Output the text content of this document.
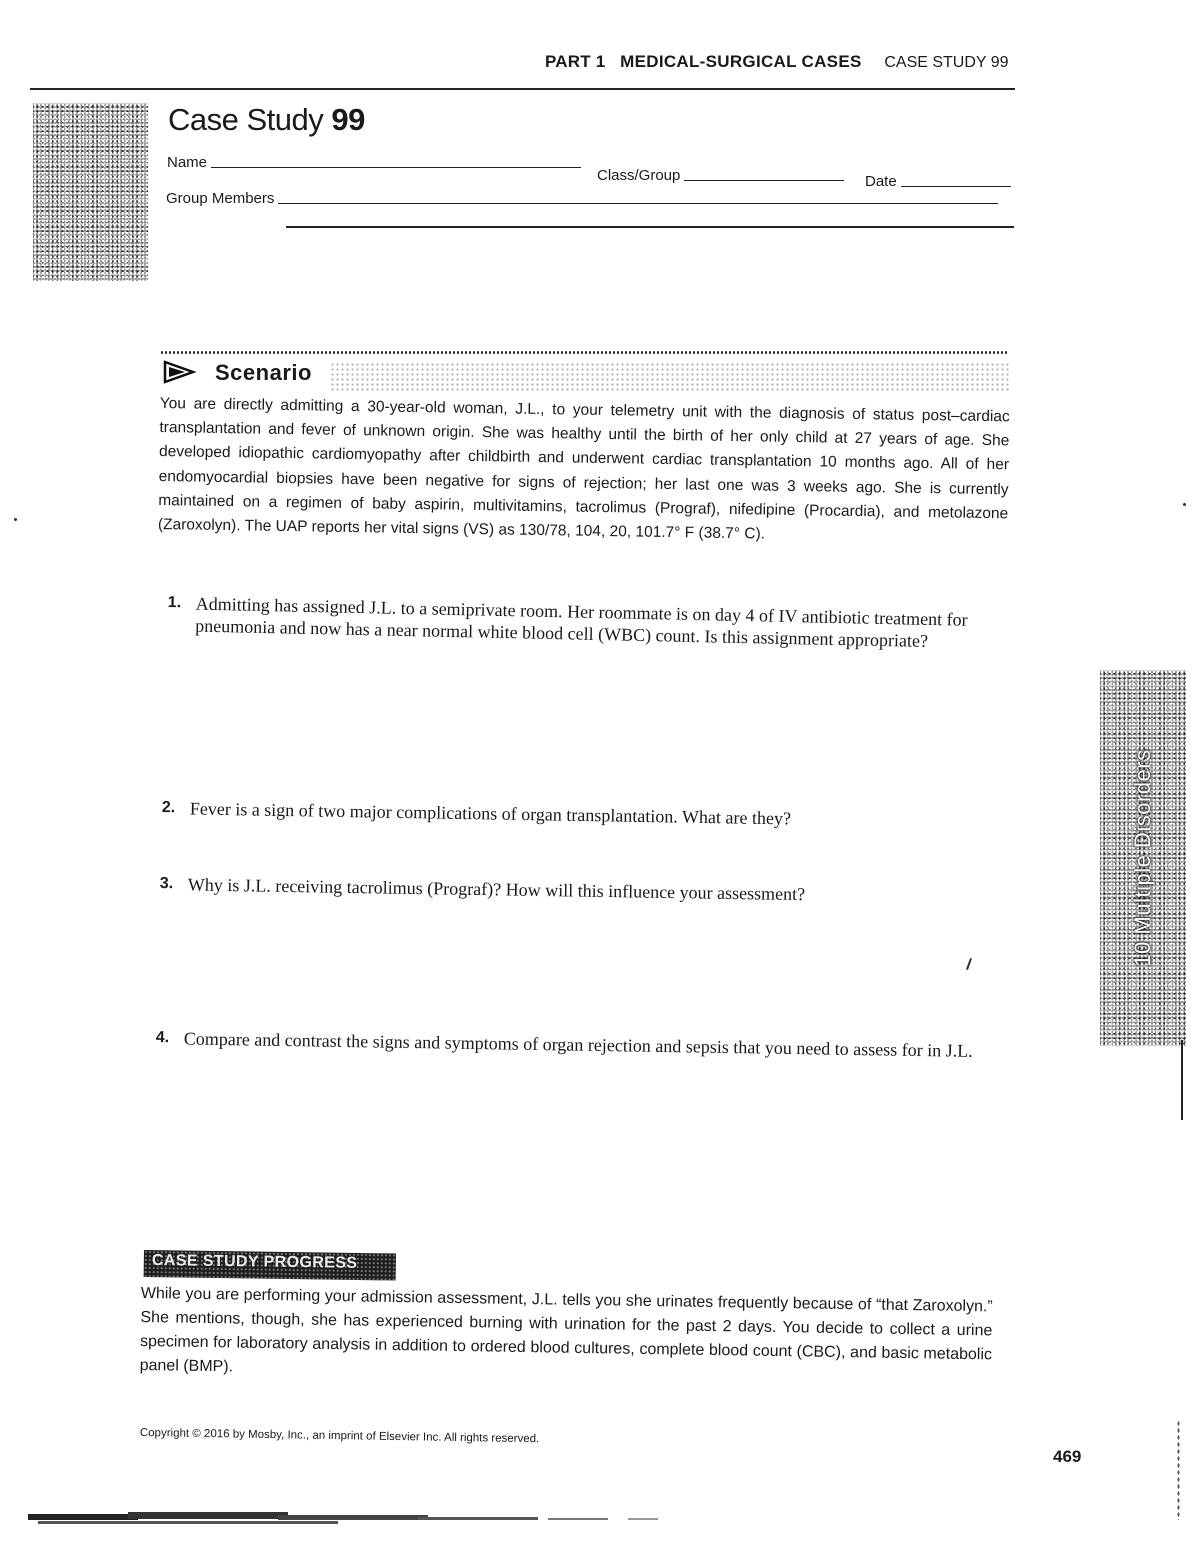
PART 1 MEDICAL-SURGICAL CASES CASE STUDY 99
Case Study 99
Name
Class/Group	Date
Group Members
Scenario
You are directly admitting a 30-year-old woman, J.L., to your telemetry unit with the diagnosis of status post–cardiac transplantation and fever of unknown origin. She was healthy until the birth of her only child at 27 years of age. She developed idiopathic cardiomyopathy after childbirth and underwent cardiac transplantation 10 months ago. All of her endomyocardial biopsies have been negative for signs of rejection; her last one was 3 weeks ago. She is currently maintained on a regimen of baby aspirin, multivitamins, tacrolimus (Prograf), nifedipine (Procardia), and metolazone (Zaroxolyn). The UAP reports her vital signs (VS) as 130/78, 104, 20, 101.7° F (38.7° C).
1. Admitting has assigned J.L. to a semiprivate room. Her roommate is on day 4 of IV antibiotic treatment for pneumonia and now has a near normal white blood cell (WBC) count. Is this assignment appropriate?
2. Fever is a sign of two major complications of organ transplantation. What are they?
3. Why is J.L. receiving tacrolimus (Prograf)? How will this influence your assessment?
4. Compare and contrast the signs and symptoms of organ rejection and sepsis that you need to assess for in J.L.
10 Multiple Disorders
CASE STUDY PROGRESS
While you are performing your admission assessment, J.L. tells you she urinates frequently because of “that Zaroxolyn.” She mentions, though, she has experienced burning with urination for the past 2 days. You decide to collect a urine specimen for laboratory analysis in addition to ordered blood cultures, complete blood count (CBC), and basic metabolic panel (BMP).
Copyright © 2016 by Mosby, Inc., an imprint of Elsevier Inc. All rights reserved.
469
